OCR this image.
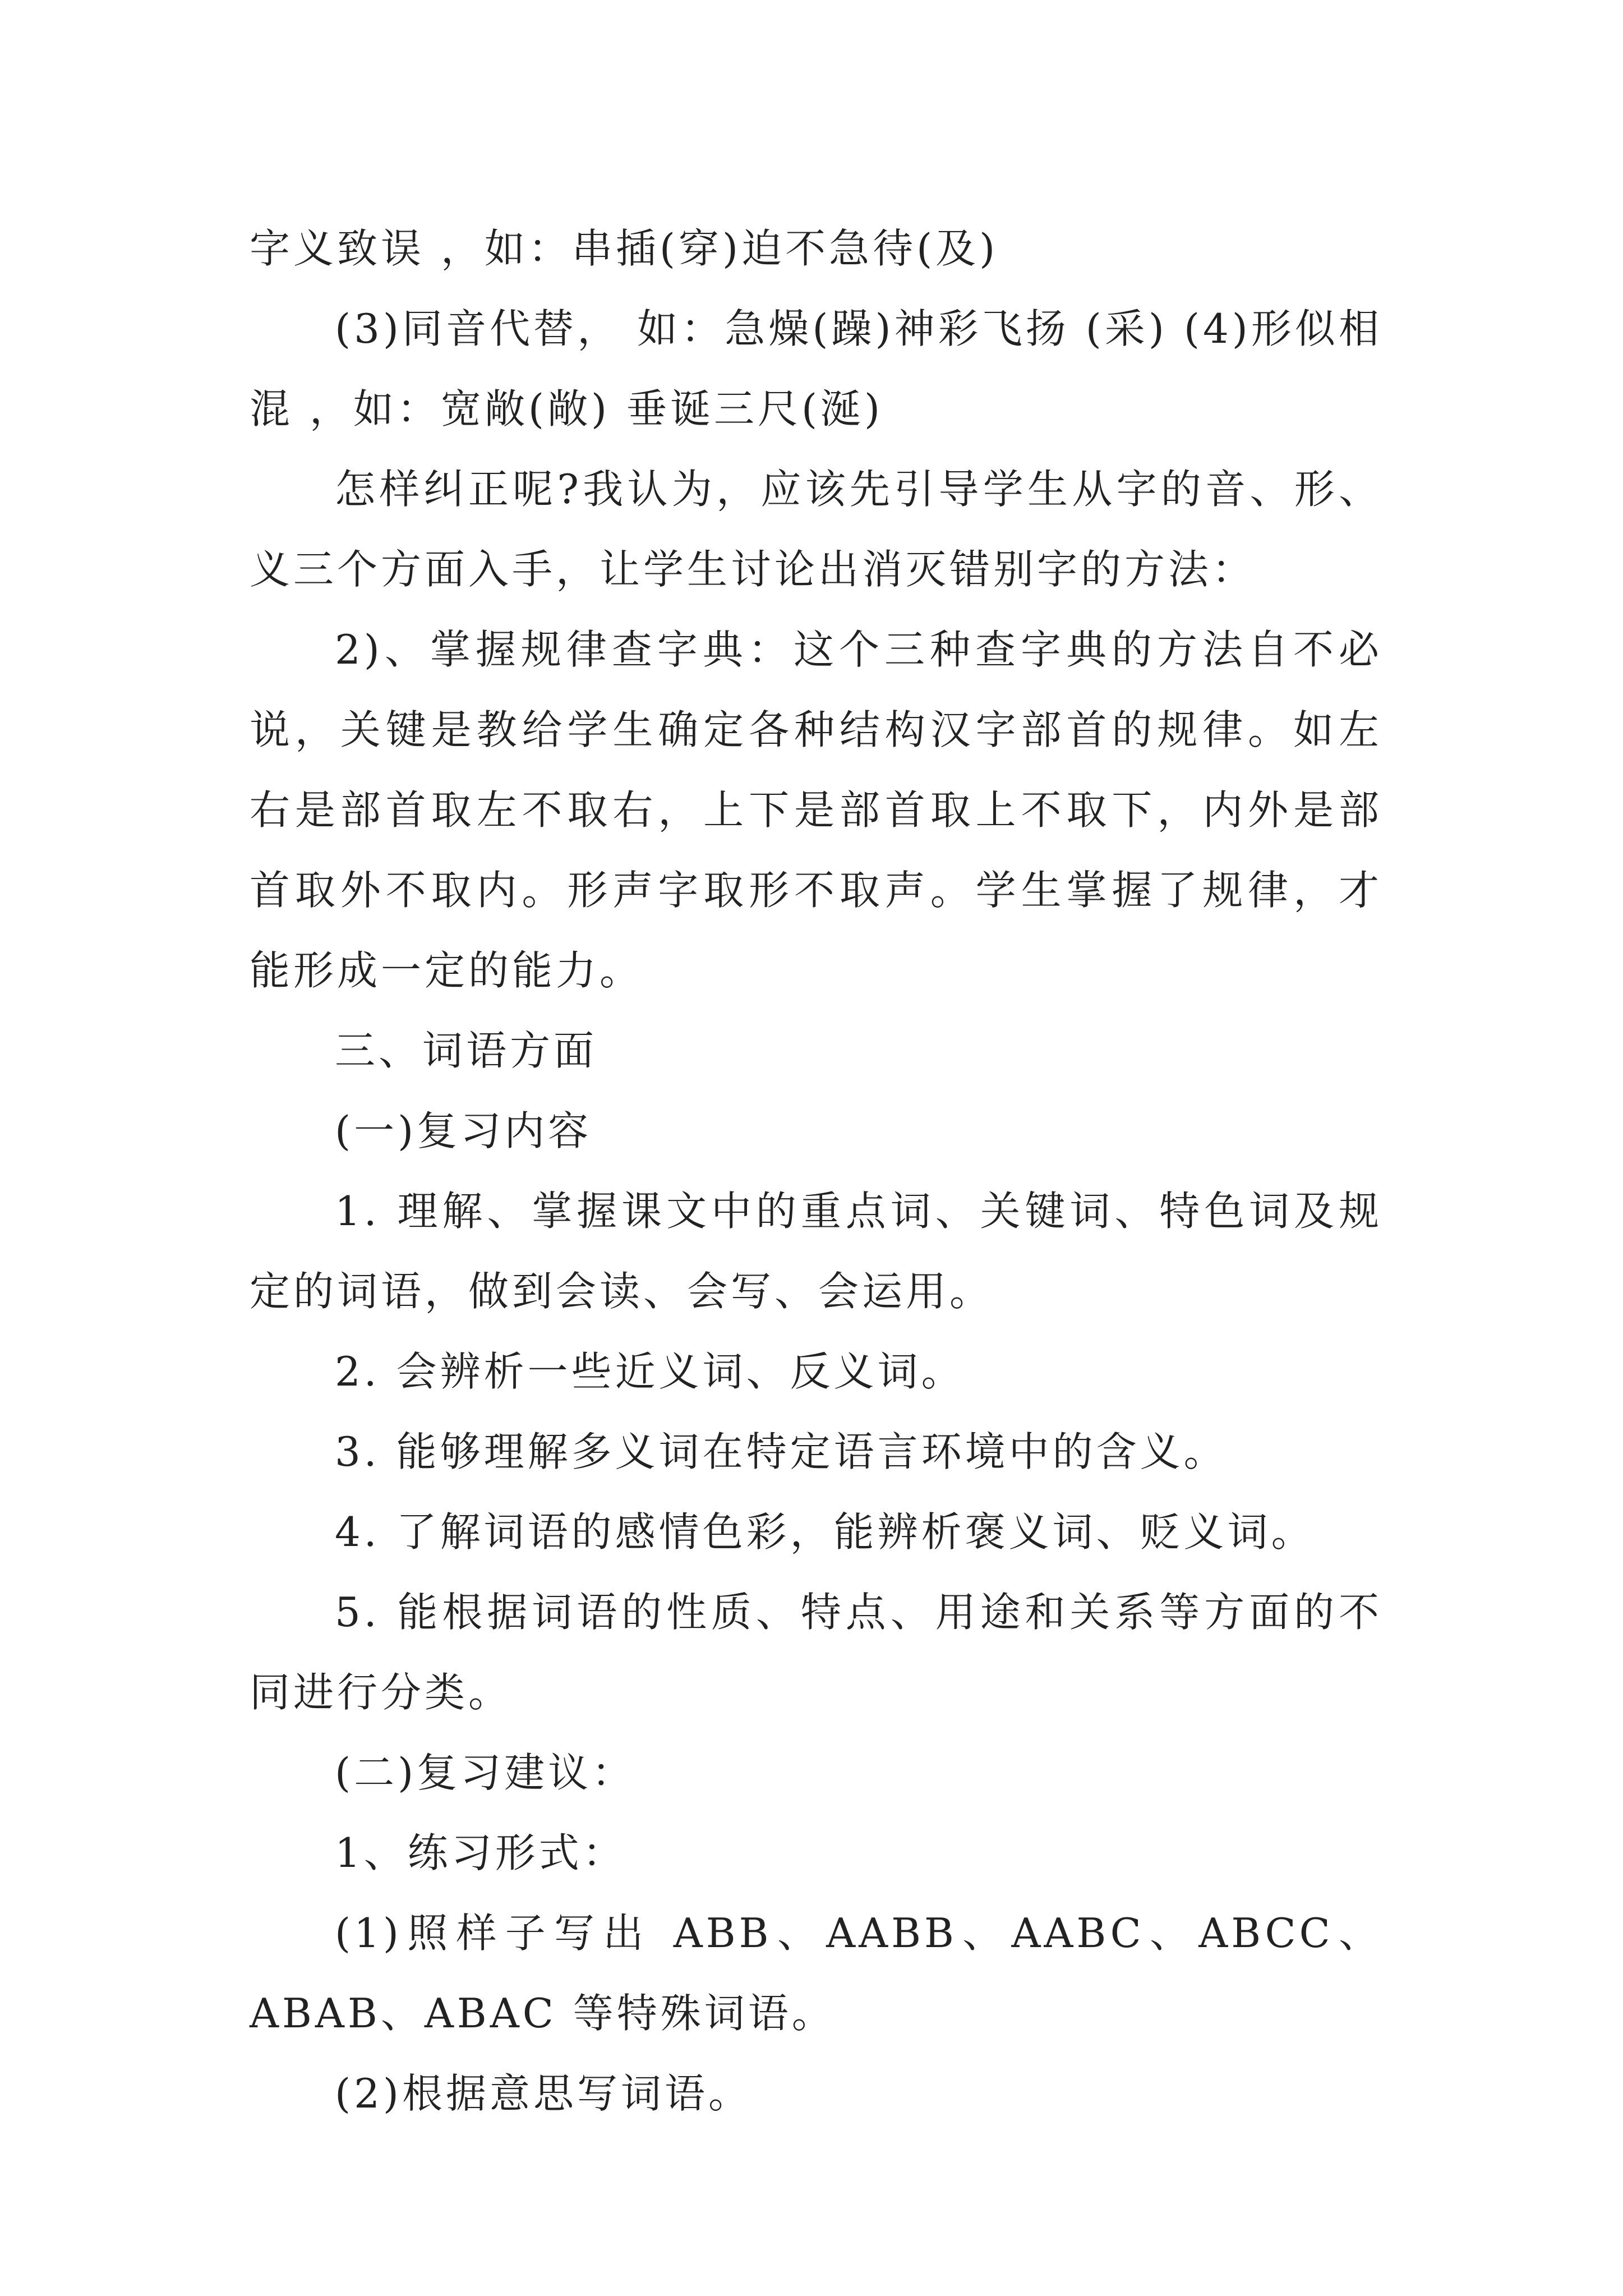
字义致误 ，如：串插(穿)迫不急待(及)

(3)同音代替， 如：急燥(躁)神彩飞扬 (采) (4)形似相混 ，如：宽敞(敞) 垂诞三尺(涎)

怎样纠正呢?我认为，应该先引导学生从字的音、形、义三个方面入手，让学生讨论出消灭错别字的方法：

2)、掌握规律查字典：这个三种查字典的方法自不必说，关键是教给学生确定各种结构汉字部首的规律。如左右是部首取左不取右，上下是部首取上不取下，内外是部首取外不取内。形声字取形不取声。学生掌握了规律，才能形成一定的能力。

三、词语方面

(一)复习内容

1. 理解、掌握课文中的重点词、关键词、特色词及规定的词语，做到会读、会写、会运用。

2. 会辨析一些近义词、反义词。

3. 能够理解多义词在特定语言环境中的含义。

4. 了解词语的感情色彩，能辨析褒义词、贬义词。

5. 能根据词语的性质、特点、用途和关系等方面的不同进行分类。

(二)复习建议：

1、练习形式：

(1)照样子写出 ABB、AABB、AABC、ABCC、ABAB、ABAC 等特殊词语。

(2)根据意思写词语。
